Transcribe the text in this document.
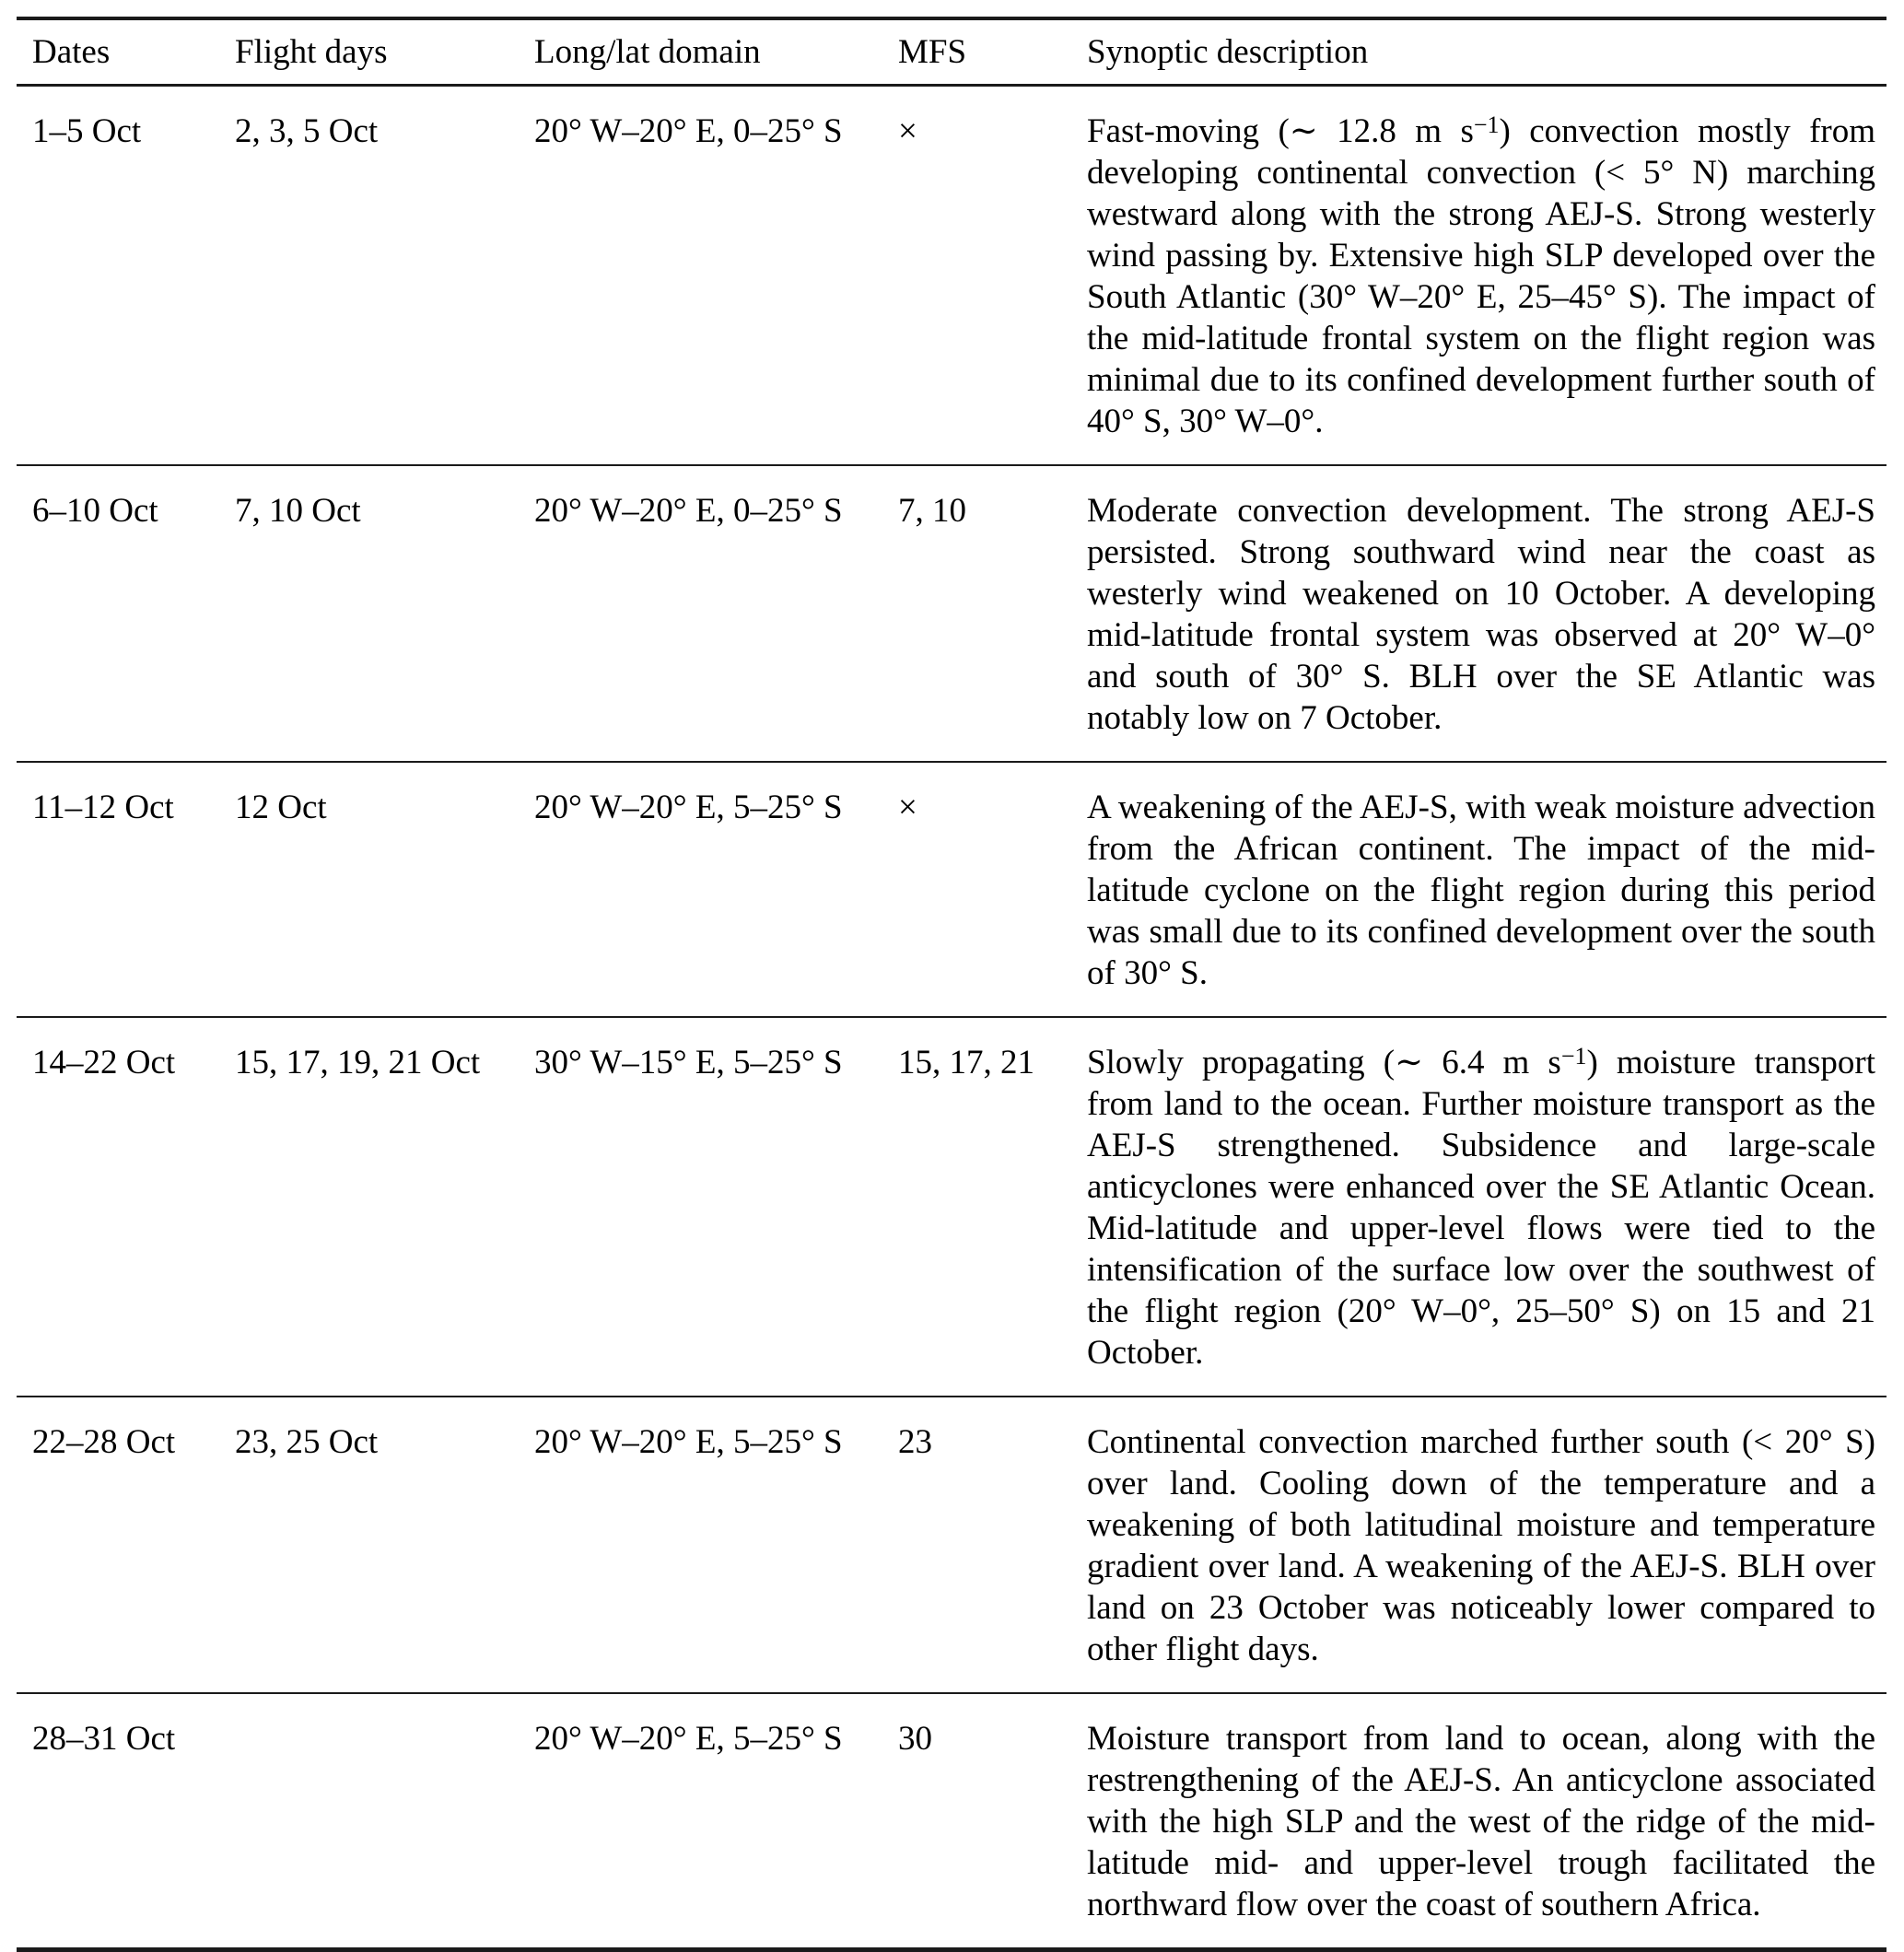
Dates	Flight days	Long/lat domain	MFS	Synoptic description
1–5 Oct	2, 3, 5 Oct	20° W–20° E, 0–25° S	×	Fast-moving (∼ 12.8 m $s^{-1}$) convection mostly from developing continental convection (< 5° N) marching westward along with the strong AEJ-S. Strong westerly wind passing by. Extensive high SLP developed over the South Atlantic (30° W–20° E, 25–45° S). The impact of the mid-latitude frontal system on the flight region was minimal due to its confined development further south of 40° S, 30° W–0°.
6–10 Oct	7, 10 Oct	20° W–20° E, 0–25° S	7, 10	Moderate convection development. The strong AEJ-S persisted. Strong southward wind near the coast as westerly wind weakened on 10 October. A developing mid-latitude frontal system was observed at 20° W–0° and south of 30° S. BLH over the SE Atlantic was notably low on 7 October.
11–12 Oct	12 Oct	20° W–20° E, 5–25° S	×	A weakening of the AEJ-S, with weak moisture advection from the African continent. The impact of the mid-latitude cyclone on the flight region during this period was small due to its confined development over the south of 30° S.
14–22 Oct	15, 17, 19, 21 Oct	30° W–15° E, 5–25° S	15, 17, 21	Slowly propagating (∼ 6.4 m $s^{-1}$) moisture transport from land to the ocean. Further moisture transport as the AEJ-S strengthened. Subsidence and large-scale anticyclones were enhanced over the SE Atlantic Ocean. Mid-latitude and upper-level flows were tied to the intensification of the surface low over the southwest of the flight region (20° W–0°, 25–50° S) on 15 and 21 October.
22–28 Oct	23, 25 Oct	20° W–20° E, 5–25° S	23	Continental convection marched further south (< 20° S) over land. Cooling down of the temperature and a weakening of both latitudinal moisture and temperature gradient over land. A weakening of the AEJ-S. BLH over land on 23 October was noticeably lower compared to other flight days.
28–31 Oct		20° W–20° E, 5–25° S	30	Moisture transport from land to ocean, along with the restrengthening of the AEJ-S. An anticyclone associated with the high SLP and the west of the ridge of the mid-latitude mid- and upper-level trough facilitated the northward flow over the coast of southern Africa.
